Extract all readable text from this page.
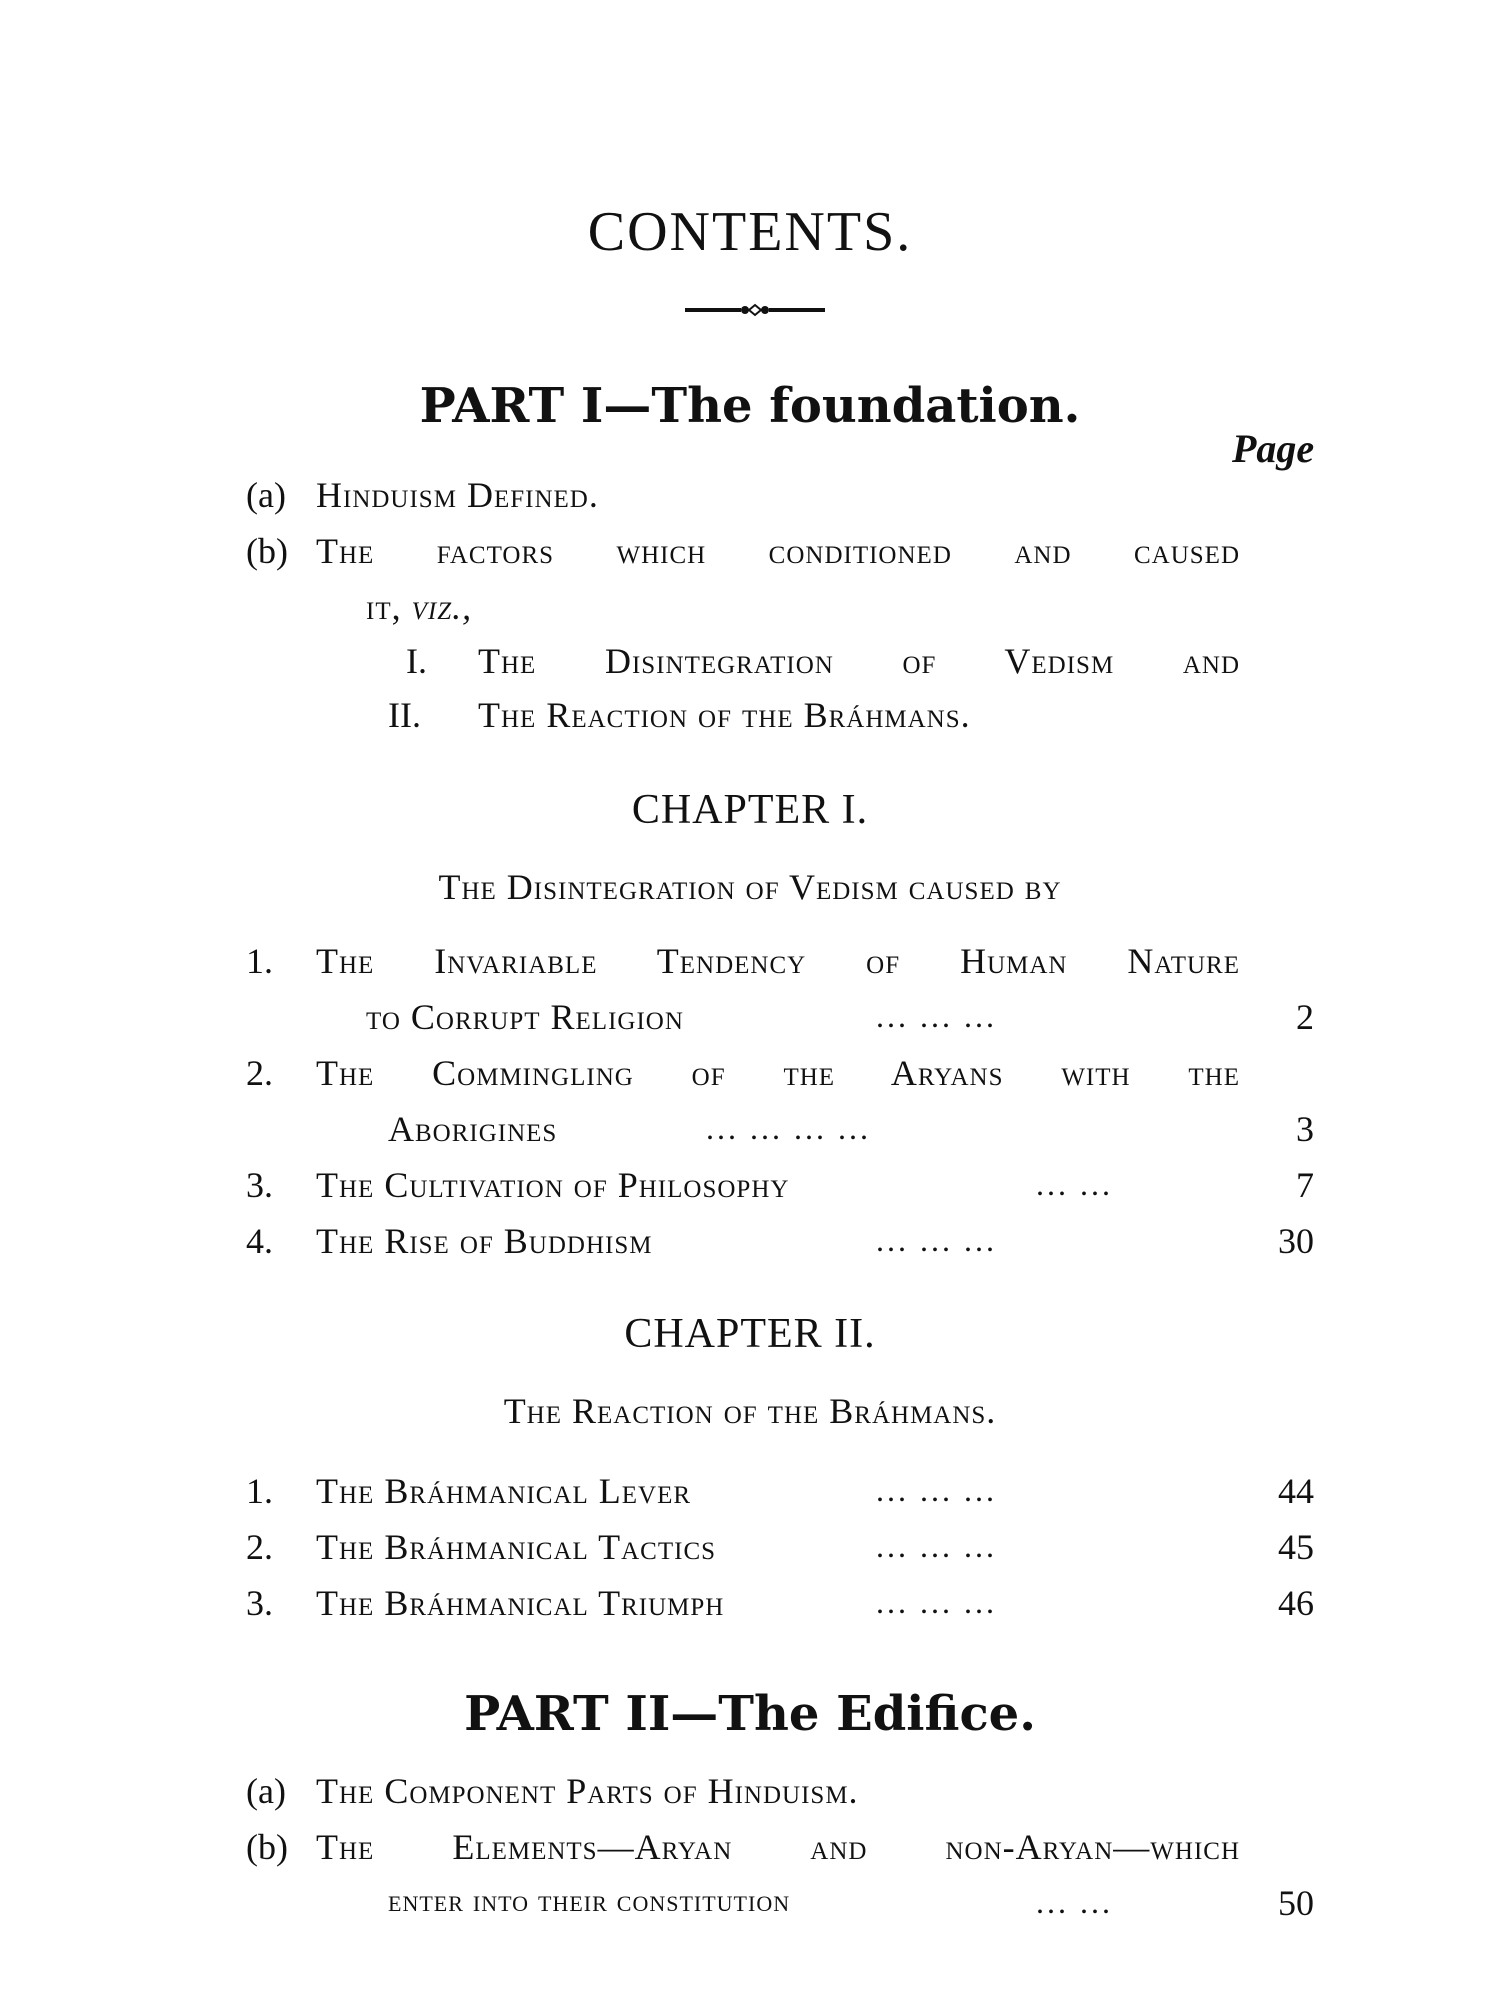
CONTENTS.
PART I—The foundation.
Page
(a) Hinduism Defined.
(b) The factors which conditioned and caused
it, viz.,
I. The Disintegration of Vedism and
II. The Reaction of the Bráhmans.
CHAPTER I.
The Disintegration of Vedism caused by
1. The Invariable Tendency of Human Nature
to Corrupt Religion	... ... ...	2
2. The Commingling of the Aryans with the
Aborigines	... ... ... ...	3
3. The Cultivation of Philosophy	... ...	7
4. The Rise of Buddhism	... ... ...	30
CHAPTER II.
The Reaction of the Bráhmans.
1. The Bráhmanical Lever	... ... ...	44
2. The Bráhmanical Tactics	... ... ...	45
3. The Bráhmanical Triumph	... ... ...	46
PART II—The Edifice.
(a) The Component Parts of Hinduism.
(b) The Elements—Aryan and non-Aryan—which
enter into their constitution	... ...	50
